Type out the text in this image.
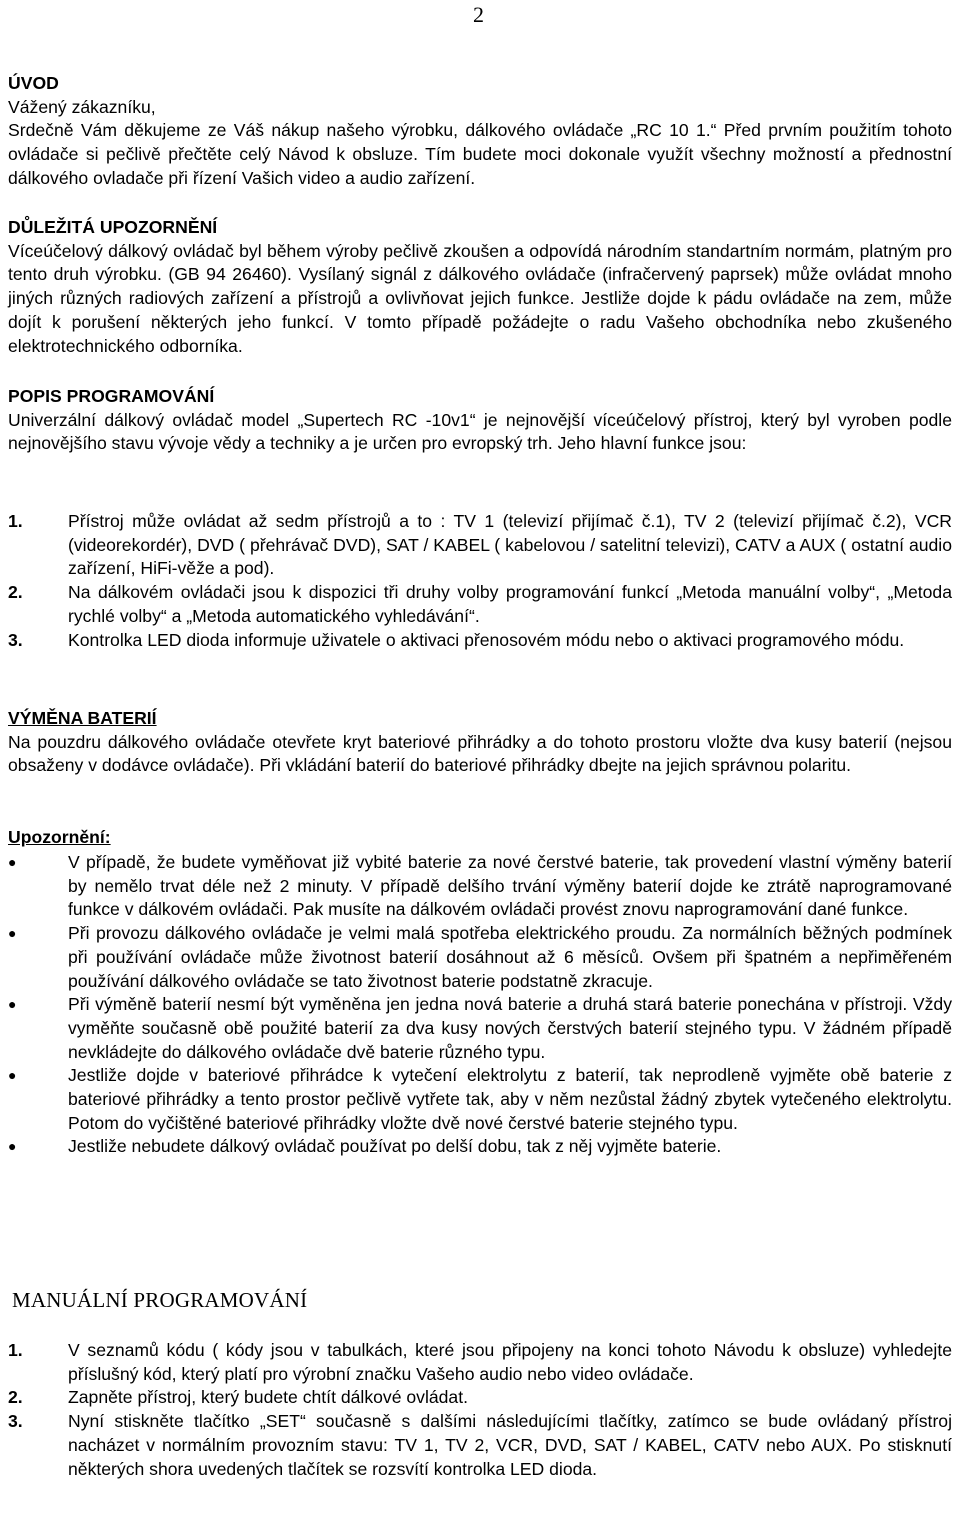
2
ÚVOD
Vážený zákazníku,

Srdečně Vám děkujeme ze Váš nákup našeho výrobku, dálkového ovládače „RC 10 1.“ Před prvním použitím tohoto ovládače si pečlivě přečtěte celý Návod k obsluze. Tím budete moci dokonale využít všechny možností a přednostní dálkového ovladače při řízení Vašich video a audio zařízení.

DŮLEŽITÁ UPOZORNĚNÍ

Víceúčelový dálkový ovládač byl během výroby pečlivě zkoušen a odpovídá národním standartním normám, platným pro tento druh výrobku. (GB 94 26460). Vysílaný signál z dálkového ovládače (infračervený paprsek) může ovládat mnoho jiných různých radiových zařízení a přístrojů a ovlivňovat jejich funkce. Jestliže dojde k pádu ovládače na zem, může dojít k porušení některých jeho funkcí. V tomto případě požádejte o radu Vašeho obchodníka nebo zkušeného elektrotechnického odborníka.

POPIS PROGRAMOVÁNÍ

Univerzální dálkový ovládač model „Supertech RC -10v1“ je nejnovější víceúčelový přístroj, který byl vyroben podle nejnovějšího stavu vývoje vědy a techniky a je určen pro evropský trh. Jeho hlavní funkce jsou:

1.	Přístroj může ovládat až sedm přístrojů a to : TV 1 (televizí přijímač č.1), TV 2 (televizí přijímač č.2), VCR (videorekordér), DVD ( přehrávač DVD), SAT / KABEL ( kabelovou / satelitní televizi), CATV a AUX ( ostatní audio zařízení, HiFi-věže a pod).
2.	Na dálkovém ovládači jsou k dispozici tři druhy volby programování funkcí „Metoda manuální volby“, „Metoda rychlé volby“ a „Metoda automatického vyhledávání“.
3.	Kontrolka LED dioda informuje uživatele o aktivaci přenosovém módu nebo o aktivaci programového módu.
VÝMĚNA BATERIÍ

Na pouzdru dálkového ovládače otevřete kryt bateriové přihrádky a do tohoto prostoru vložte dva kusy baterií (nejsou obsaženy v dodávce ovládače). Při vkládání baterií do bateriové přihrádky dbejte na jejich správnou polaritu.

Upozornění:
●	V případě, že budete vyměňovat již vybité baterie za nové čerstvé baterie, tak provedení vlastní výměny baterií by nemělo trvat déle než 2 minuty. V případě delšího trvání výměny baterií dojde ke ztrátě naprogramované funkce v dálkovém ovládači. Pak musíte na dálkovém ovládači provést znovu naprogramování dané funkce.
●	Při provozu dálkového ovládače je velmi malá spotřeba elektrického proudu. Za normálních běžných podmínek při používání ovládače může životnost baterií dosáhnout až 6 měsíců. Ovšem při špatném a nepřiměřeném používání dálkového ovládače se tato životnost baterie podstatně zkracuje.
●	Při výměně baterií nesmí být vyměněna jen jedna nová baterie a druhá stará baterie ponechána v přístroji. Vždy vyměňte současně obě použité baterií za dva kusy nových čerstvých baterií stejného typu. V žádném případě nevkládejte do dálkového ovládače dvě baterie různého typu.
●	Jestliže dojde v bateriové přihrádce k vytečení elektrolytu z baterií, tak neprodleně vyjměte obě baterie z bateriové přihrádky a tento prostor pečlivě vytřete tak, aby v něm nezůstal žádný zbytek vytečeného elektrolytu. Potom do vyčištěné bateriové přihrádky vložte dvě nové čerstvé baterie stejného typu.
●	Jestliže nebudete dálkový ovládač používat po delší dobu, tak z něj vyjměte baterie.
MANUÁLNÍ PROGRAMOVÁNÍ
1.	V seznamů kódu ( kódy jsou v tabulkách, které jsou připojeny na konci tohoto Návodu k obsluze) vyhledejte příslušný kód, který platí pro výrobní značku Vašeho audio nebo video ovládače.
2.	Zapněte přístroj, který budete chtít dálkové ovládat.
3.	Nyní stiskněte tlačítko „SET“ současně s dalšími následujícími tlačítky, zatímco se bude ovládaný přístroj nacházet v normálním provozním stavu: TV 1, TV 2, VCR, DVD, SAT / KABEL, CATV nebo AUX. Po stisknutí některých shora uvedených tlačítek se rozsvítí kontrolka LED dioda.
